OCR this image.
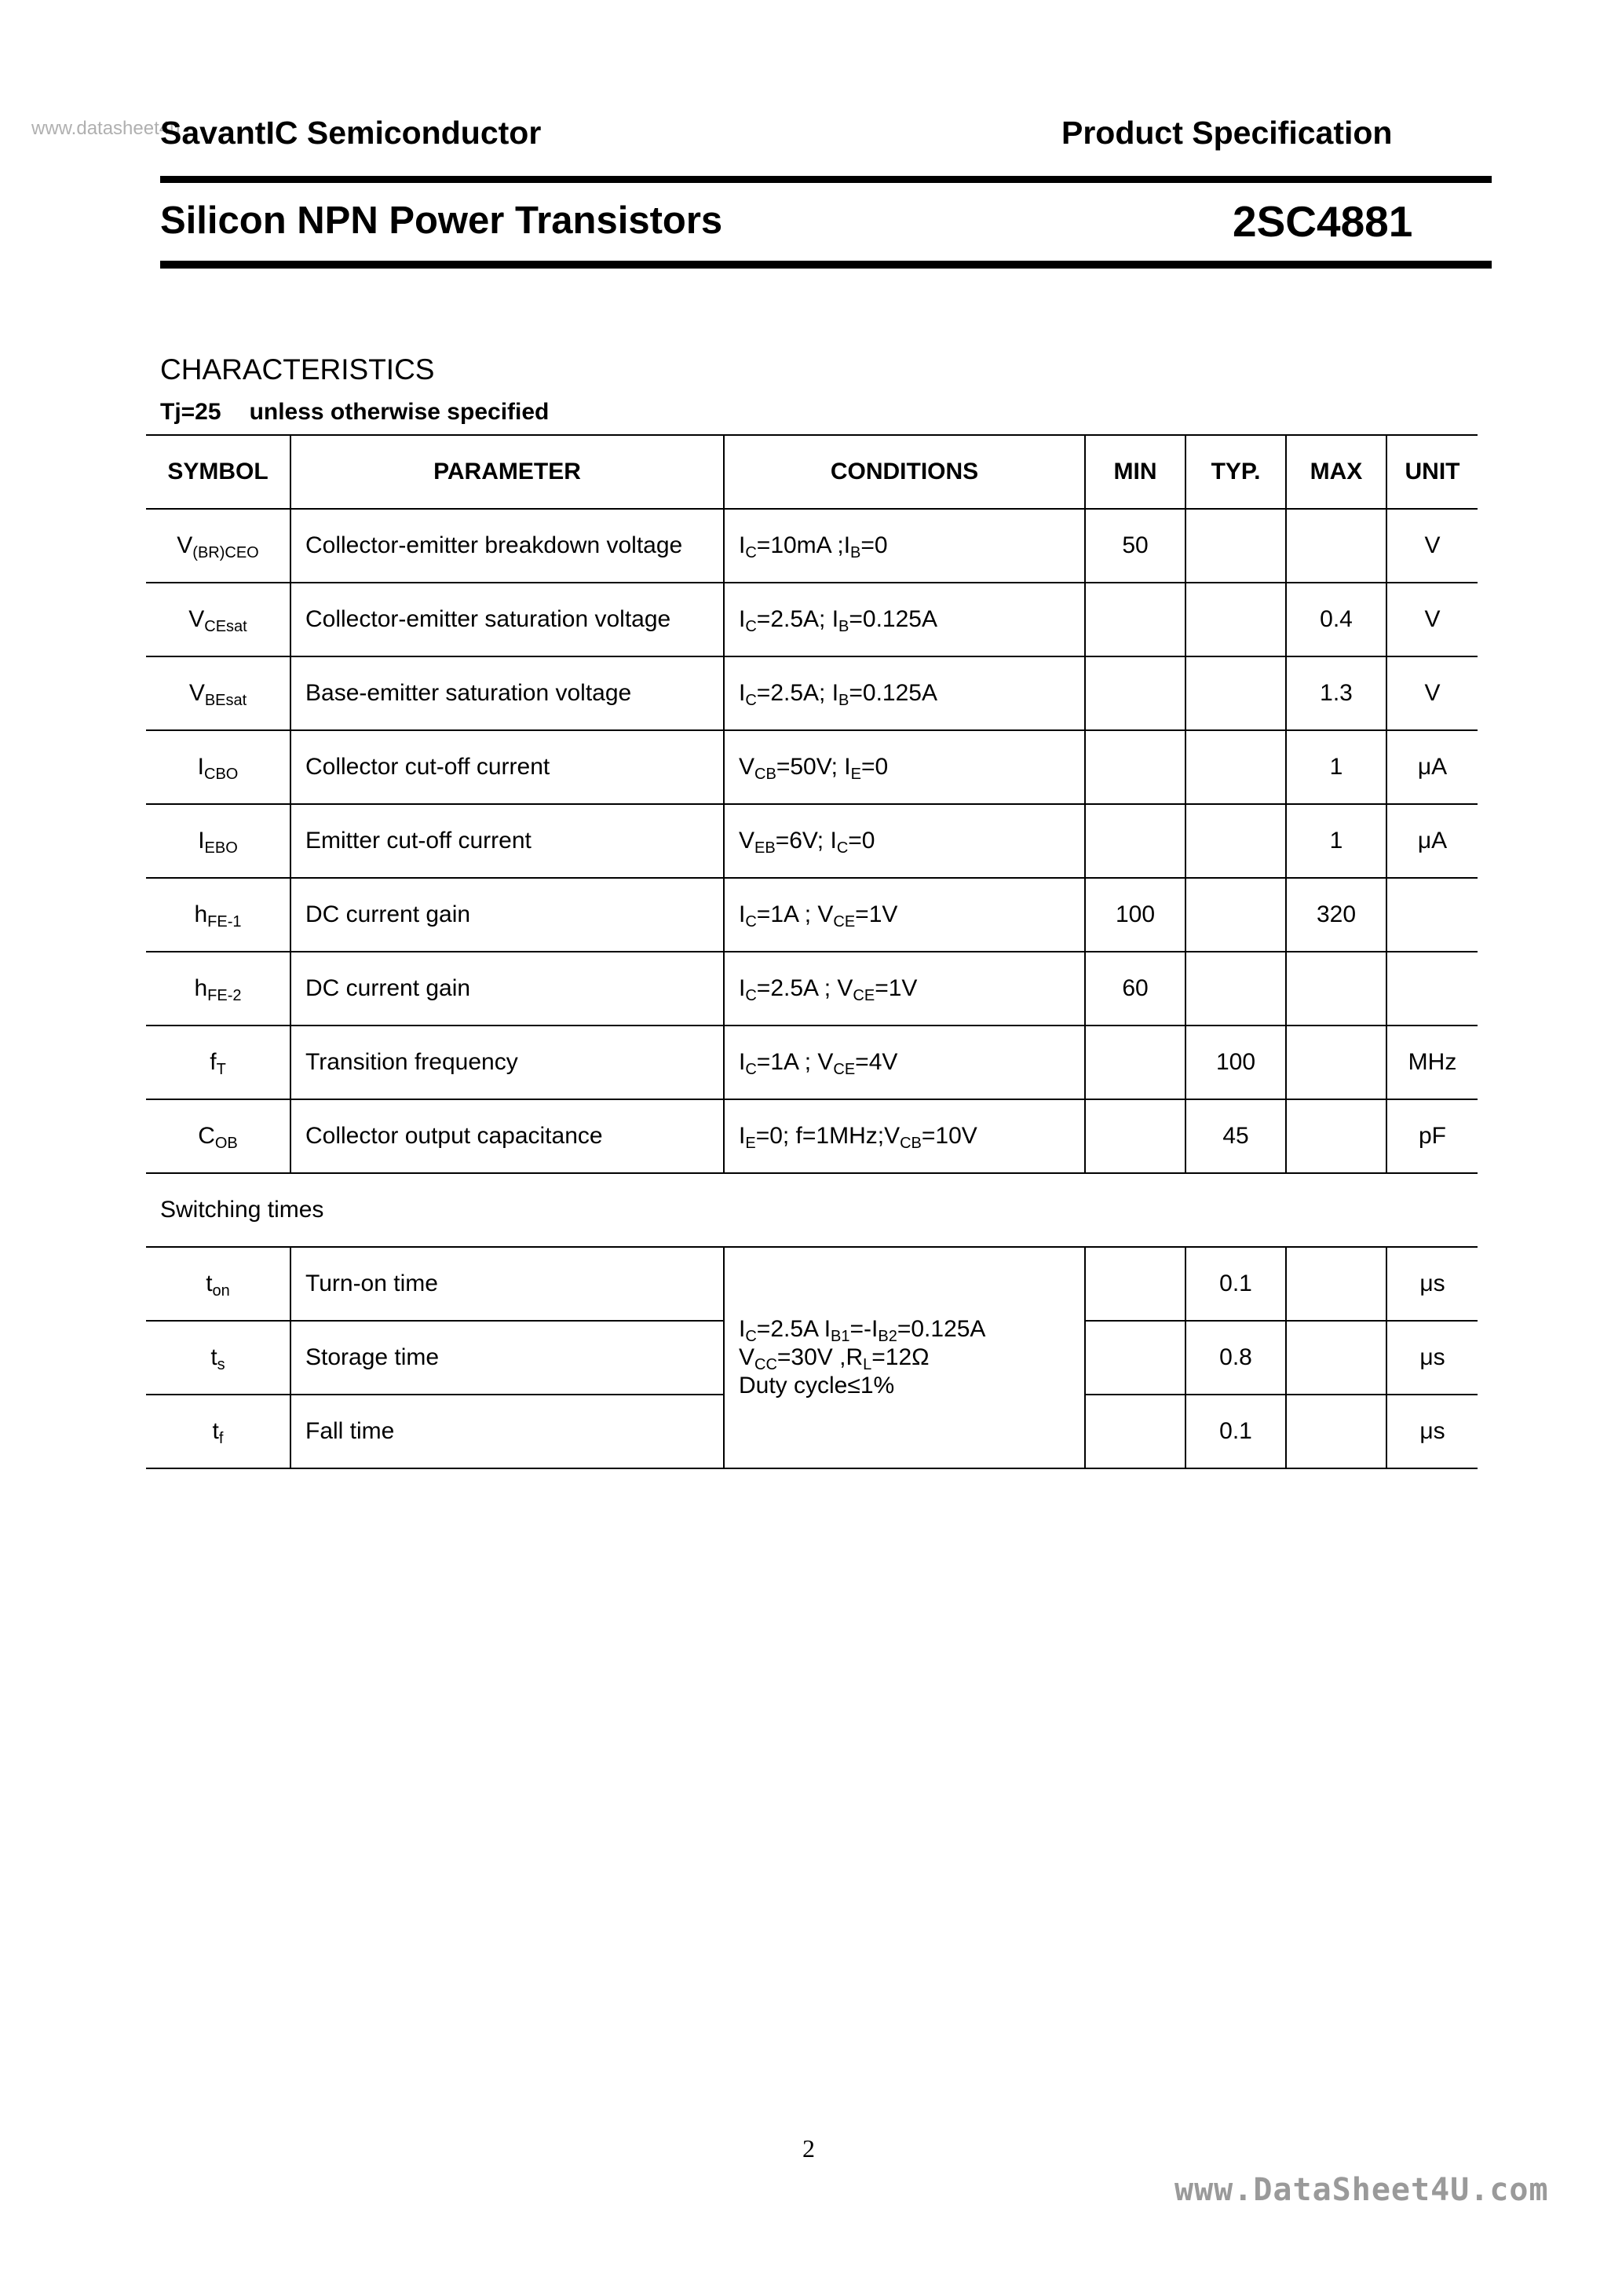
www.datasheet4u
SavantIC Semiconductor	Product Specification
Silicon NPN Power Transistors	2SC4881
CHARACTERISTICS
Tj=25 unless otherwise specified
SYMBOL	PARAMETER	CONDITIONS	MIN	TYP.	MAX	UNIT
$V_{(BR)CEO}$	Collector-emitter breakdown voltage	$I_C=10mA$ $;I_B=0$	50			V
$V_{CEsat}$	Collector-emitter saturation voltage	$I_C=2.5A$; $I_B=0.125A$			0.4	V
$V_{BEsat}$	Base-emitter saturation voltage	$I_C=2.5A$; $I_B=0.125A$			1.3	V
$I_{CBO}$	Collector cut-off current	$V_{CB}=50V$; $I_E=0$			1	μA
$I_{EBO}$	Emitter cut-off current	$V_{EB}=6V$; $I_C=0$			1	μA
$h_{FE-1}$	DC current gain	$I_C=1A$ ; $V_{CE}=1V$	100		320	
$h_{FE-2}$	DC current gain	$I_C=2.5A$ ; $V_{CE}=1V$	60			
$f_T$	Transition frequency	$I_C=1A$ ; $V_{CE}=4V$		100		MHz
$C_{OB}$	Collector output capacitance	$I_E=0$; $f=1MHz;V_{CB}=10V$		45		pF
Switching times						
$t_{on}$	Turn-on time	$I_C=2.5A$ $I_{B1}=-I_{B2}=0.125A$
$V_{CC}=30V$ $,R_L=12\Omega$
Duty cycle≤1%		0.1		μs
$t_s$	Storage time			0.8		μs
$t_f$	Fall time			0.1		μs
2
www.DataSheet4U.com
